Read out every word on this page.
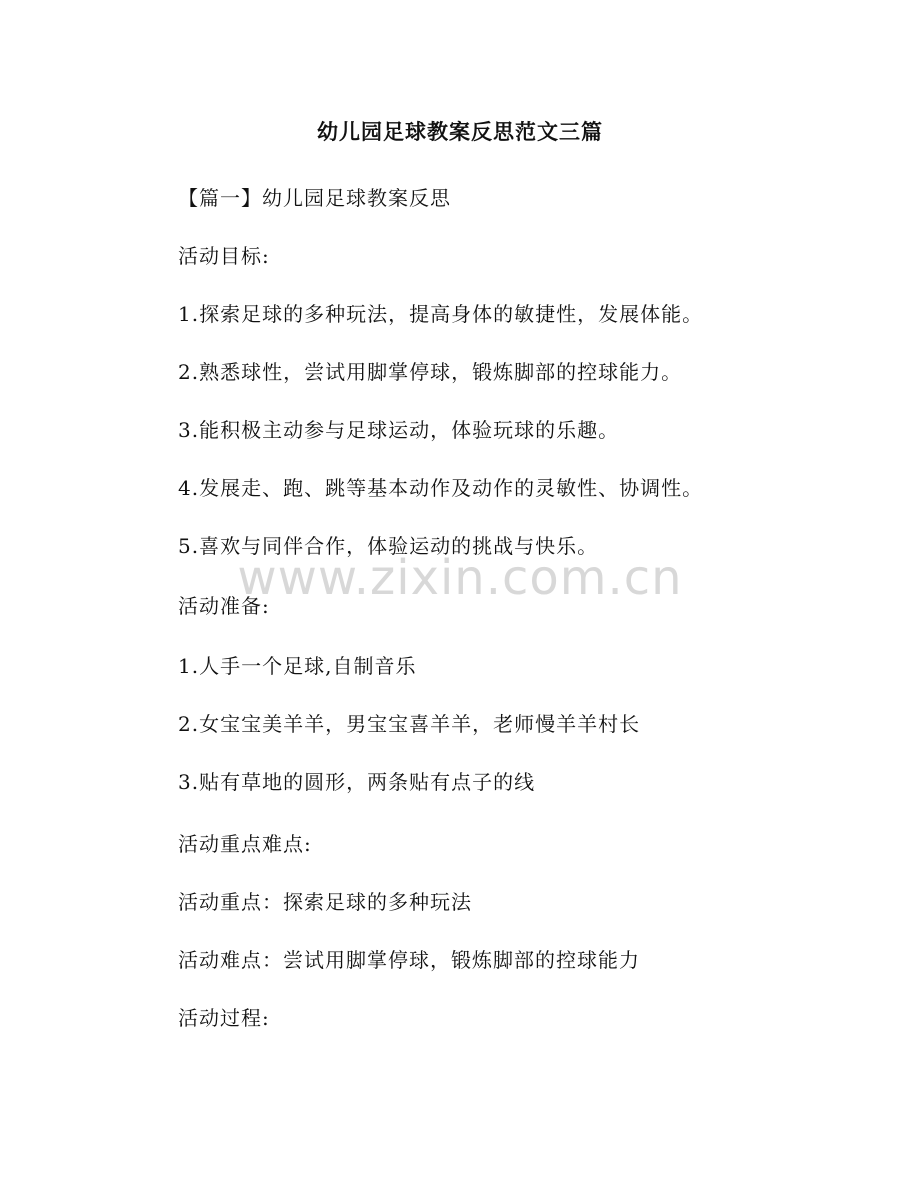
幼儿园足球教案反思范文三篇
【篇一】幼儿园足球教案反思
活动目标:
1.探索足球的多种玩法，提高身体的敏捷性，发展体能。
2.熟悉球性，尝试用脚掌停球，锻炼脚部的控球能力。
3.能积极主动参与足球运动，体验玩球的乐趣。
4.发展走、跑、跳等基本动作及动作的灵敏性、协调性。
5.喜欢与同伴合作，体验运动的挑战与快乐。
活动准备:
1.人手一个足球,自制音乐
2.女宝宝美羊羊，男宝宝喜羊羊，老师慢羊羊村长
3.贴有草地的圆形，两条贴有点子的线
活动重点难点:
活动重点：探索足球的多种玩法
活动难点：尝试用脚掌停球，锻炼脚部的控球能力
活动过程:
www.zixin.com.cn
